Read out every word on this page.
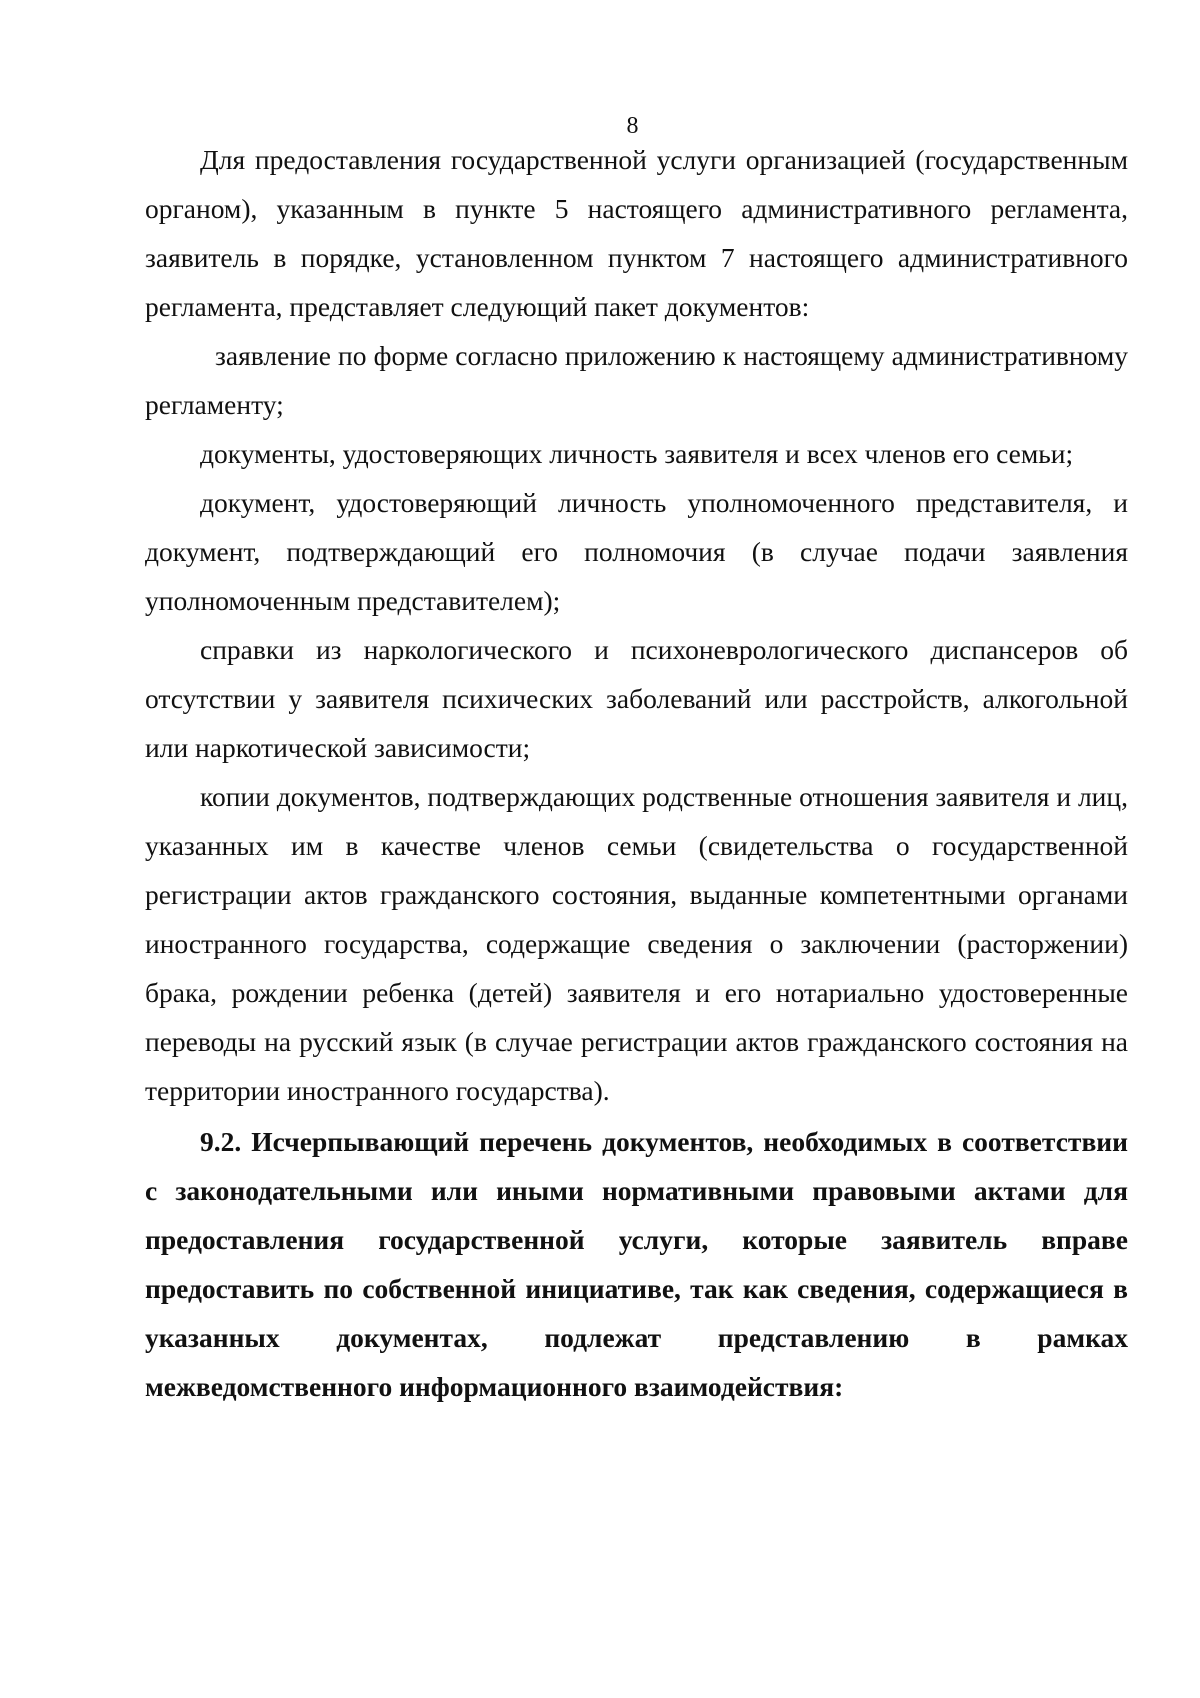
8

Для предоставления государственной услуги организацией (государственным органом), указанным в пункте 5 настоящего административного регламента, заявитель в порядке, установленном пунктом 7 настоящего административного регламента, представляет следующий пакет документов:

заявление по форме согласно приложению к настоящему административному регламенту;

документы, удостоверяющих личность заявителя и всех членов его семьи;

документ, удостоверяющий личность уполномоченного представителя, и документ, подтверждающий его полномочия (в случае подачи заявления уполномоченным представителем);

справки из наркологического и психоневрологического диспансеров об отсутствии у заявителя психических заболеваний или расстройств, алкогольной или наркотической зависимости;

копии документов, подтверждающих родственные отношения заявителя и лиц, указанных им в качестве членов семьи (свидетельства о государственной регистрации актов гражданского состояния, выданные компетентными органами иностранного государства, содержащие сведения о заключении (расторжении) брака, рождении ребенка (детей) заявителя и его нотариально удостоверенные переводы на русский язык (в случае регистрации актов гражданского состояния на территории иностранного государства).

9.2. Исчерпывающий перечень документов, необходимых в соответствии с законодательными или иными нормативными правовыми актами для предоставления государственной услуги, которые заявитель вправе предоставить по собственной инициативе, так как сведения, содержащиеся в указанных документах, подлежат представлению в рамках межведомственного информационного взаимодействия:
